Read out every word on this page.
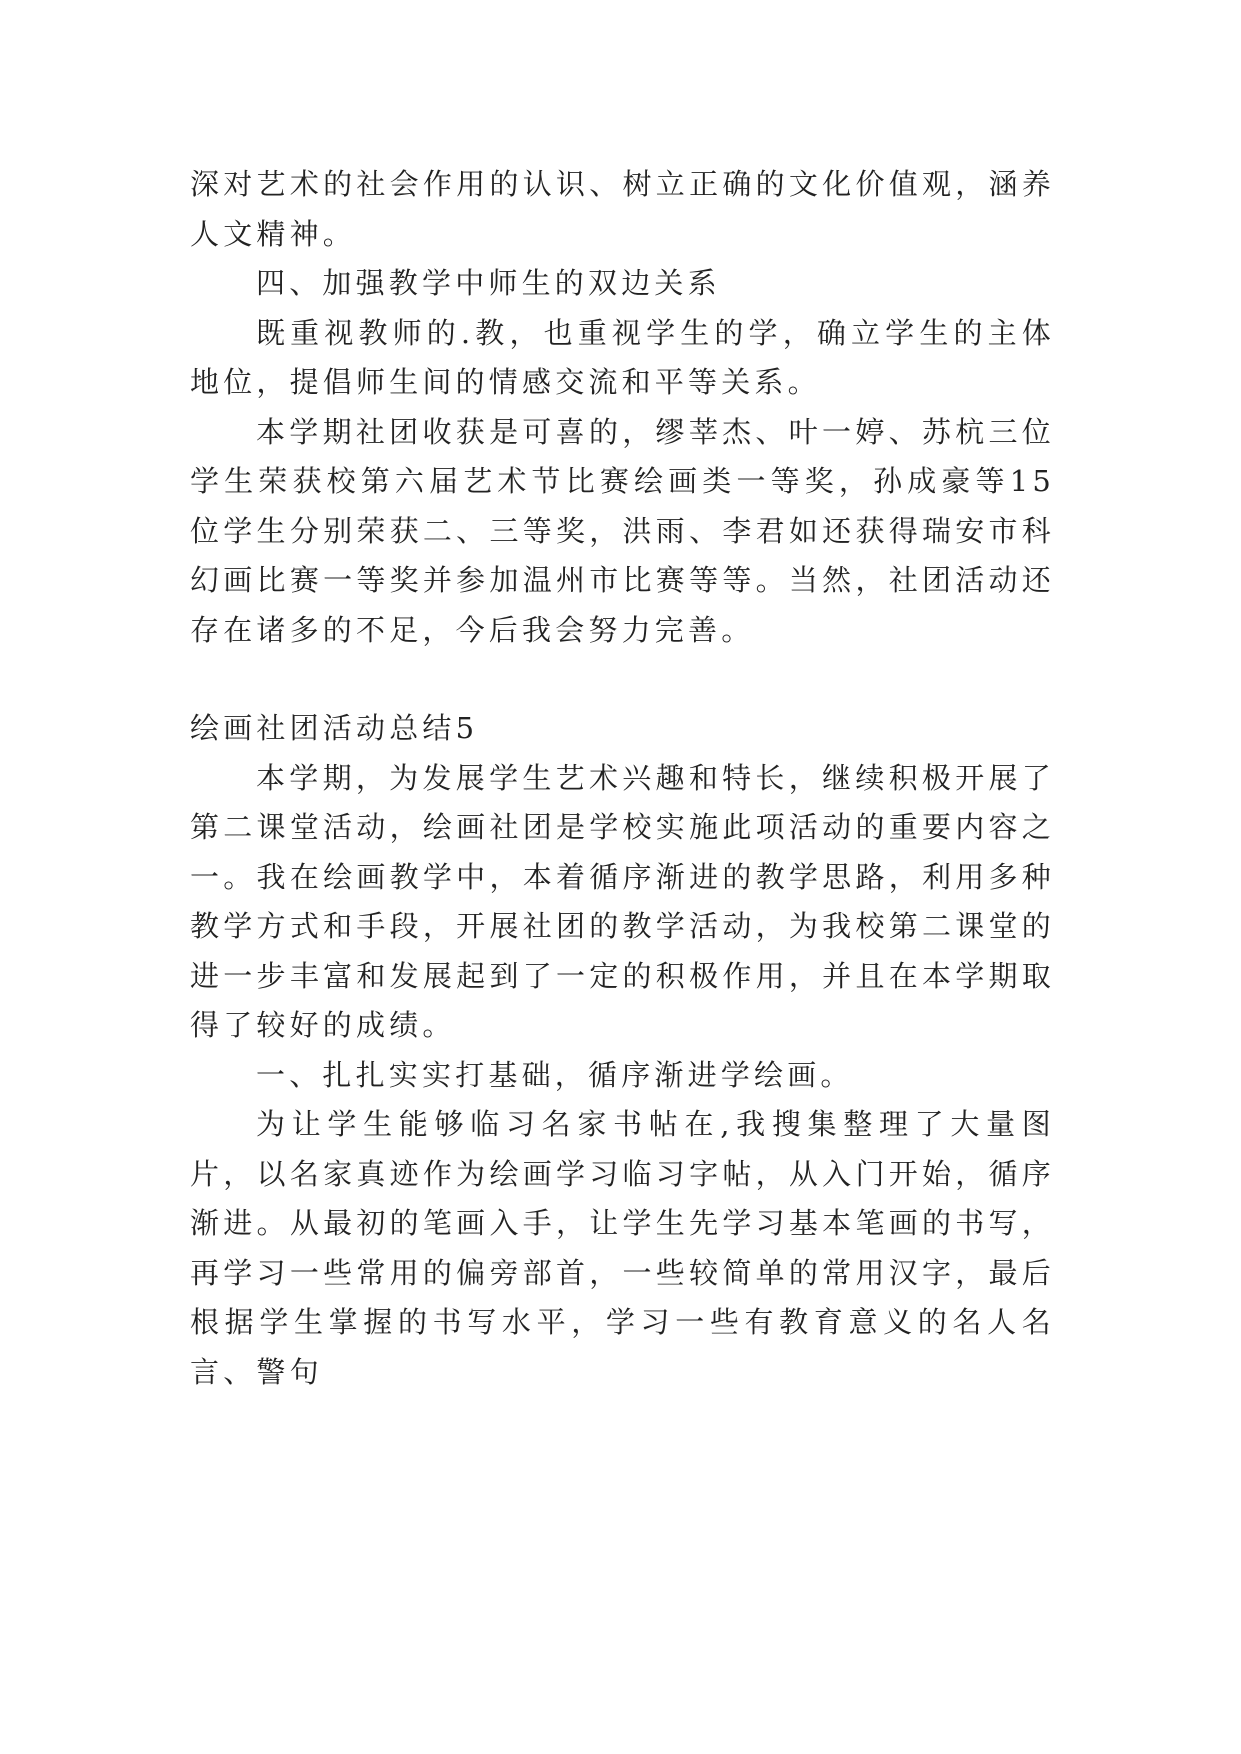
深对艺术的社会作用的认识、树立正确的文化价值观，涵养人文精神。

四、加强教学中师生的双边关系

既重视教师的.教，也重视学生的学，确立学生的主体地位，提倡师生间的情感交流和平等关系。

本学期社团收获是可喜的，缪莘杰、叶一婷、苏杭三位学生荣获校第六届艺术节比赛绘画类一等奖，孙成豪等15位学生分别荣获二、三等奖，洪雨、李君如还获得瑞安市科幻画比赛一等奖并参加温州市比赛等等。当然，社团活动还存在诸多的不足，今后我会努力完善。

绘画社团活动总结5

本学期，为发展学生艺术兴趣和特长，继续积极开展了第二课堂活动，绘画社团是学校实施此项活动的重要内容之一。我在绘画教学中，本着循序渐进的教学思路，利用多种教学方式和手段，开展社团的教学活动，为我校第二课堂的进一步丰富和发展起到了一定的积极作用，并且在本学期取得了较好的成绩。

一、扎扎实实打基础，循序渐进学绘画。

为让学生能够临习名家书帖在,我搜集整理了大量图片，以名家真迹作为绘画学习临习字帖，从入门开始，循序渐进。从最初的笔画入手，让学生先学习基本笔画的书写，再学习一些常用的偏旁部首，一些较简单的常用汉字，最后根据学生掌握的书写水平，学习一些有教育意义的名人名言、警句
